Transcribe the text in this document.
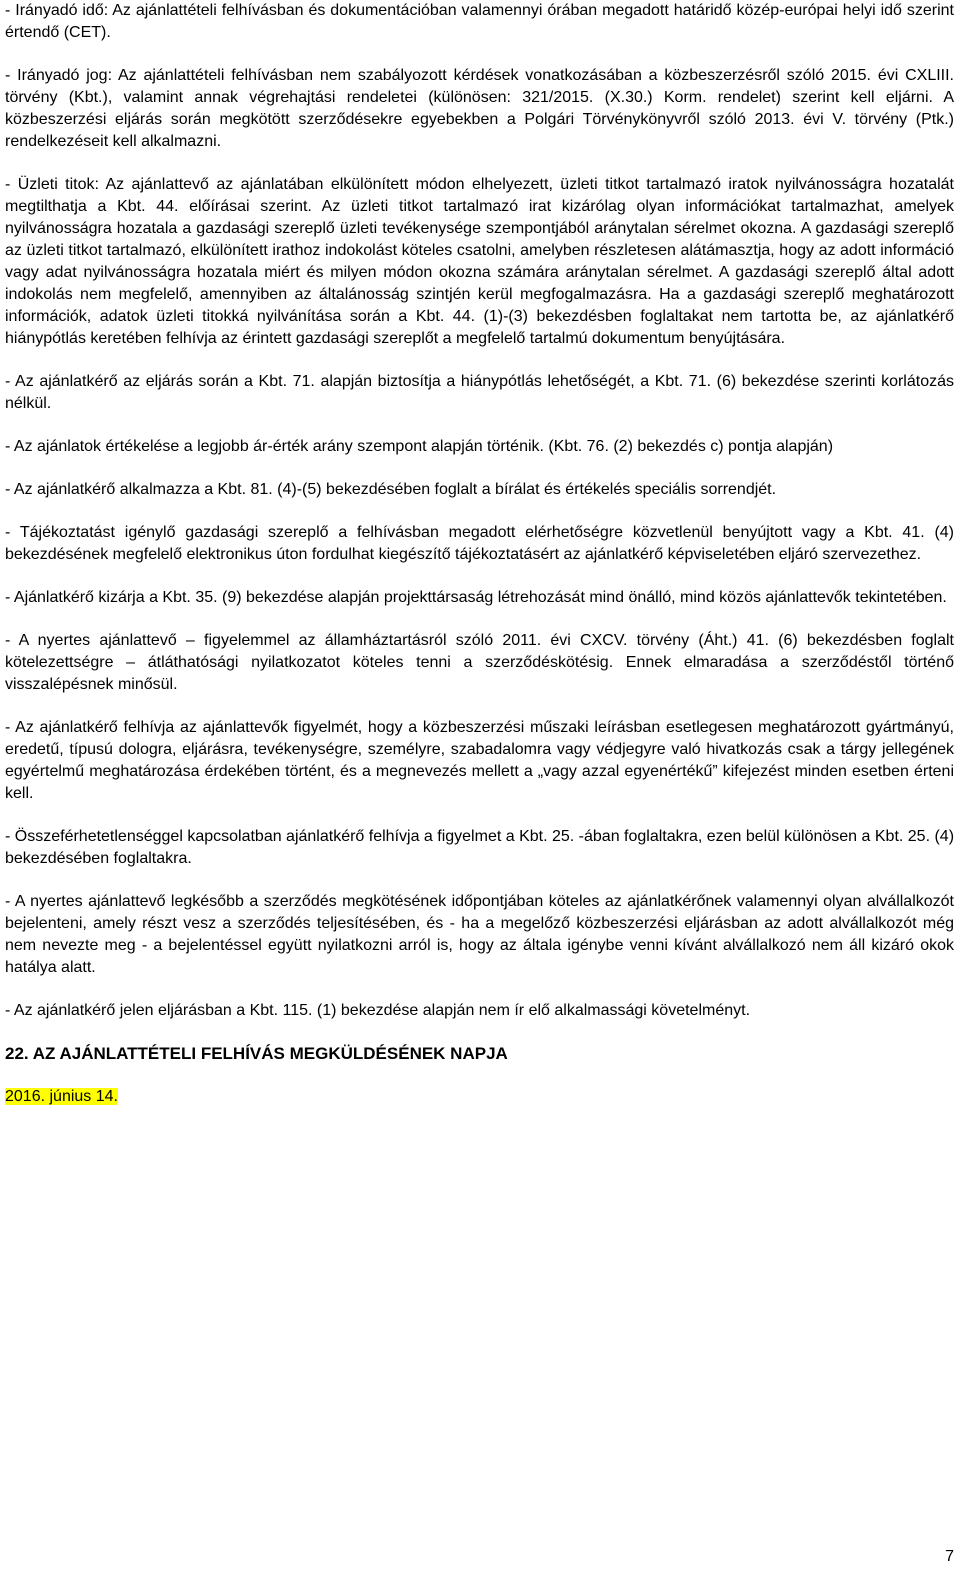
- Irányadó idő: Az ajánlattételi felhívásban és dokumentációban valamennyi órában megadott határidő közép-európai helyi idő szerint értendő (CET).

- Irányadó jog: Az ajánlattételi felhívásban nem szabályozott kérdések vonatkozásában a közbeszerzésről szóló 2015. évi CXLIII. törvény (Kbt.), valamint annak végrehajtási rendeletei (különösen: 321/2015. (X.30.) Korm. rendelet) szerint kell eljárni. A közbeszerzési eljárás során megkötött szerződésekre egyebekben a Polgári Törvénykönyvről szóló 2013. évi V. törvény (Ptk.) rendelkezéseit kell alkalmazni.

- Üzleti titok: Az ajánlattevő az ajánlatában elkülönített módon elhelyezett, üzleti titkot tartalmazó iratok nyilvánosságra hozatalát megtilthatja a Kbt. 44. előírásai szerint. Az üzleti titkot tartalmazó irat kizárólag olyan információkat tartalmazhat, amelyek nyilvánosságra hozatala a gazdasági szereplő üzleti tevékenysége szempontjából aránytalan sérelmet okozna. A gazdasági szereplő az üzleti titkot tartalmazó, elkülönített irathoz indokolást köteles csatolni, amelyben részletesen alátámasztja, hogy az adott információ vagy adat nyilvánosságra hozatala miért és milyen módon okozna számára aránytalan sérelmet. A gazdasági szereplő által adott indokolás nem megfelelő, amennyiben az általánosság szintjén kerül megfogalmazásra. Ha a gazdasági szereplő meghatározott információk, adatok üzleti titokká nyilvánítása során a Kbt. 44. (1)-(3) bekezdésben foglaltakat nem tartotta be, az ajánlatkérő hiánypótlás keretében felhívja az érintett gazdasági szereplőt a megfelelő tartalmú dokumentum benyújtására.

- Az ajánlatkérő az eljárás során a Kbt. 71. alapján biztosítja a hiánypótlás lehetőségét, a Kbt. 71. (6) bekezdése szerinti korlátozás nélkül.

- Az ajánlatok értékelése a legjobb ár-érték arány szempont alapján történik. (Kbt. 76. (2) bekezdés c) pontja alapján)

- Az ajánlatkérő alkalmazza a Kbt. 81. (4)-(5) bekezdésében foglalt a bírálat és értékelés speciális sorrendjét.

- Tájékoztatást igénylő gazdasági szereplő a felhívásban megadott elérhetőségre közvetlenül benyújtott vagy a Kbt. 41. (4) bekezdésének megfelelő elektronikus úton fordulhat kiegészítő tájékoztatásért az ajánlatkérő képviseletében eljáró szervezethez.

- Ajánlatkérő kizárja a Kbt. 35. (9) bekezdése alapján projekttársaság létrehozását mind önálló, mind közös ajánlattevők tekintetében.

- A nyertes ajánlattevő – figyelemmel az államháztartásról szóló 2011. évi CXCV. törvény (Áht.) 41. (6) bekezdésben foglalt kötelezettségre – átláthatósági nyilatkozatot köteles tenni a szerződéskötésig. Ennek elmaradása a szerződéstől történő visszalépésnek minősül.

- Az ajánlatkérő felhívja az ajánlattevők figyelmét, hogy a közbeszerzési műszaki leírásban esetlegesen meghatározott gyártmányú, eredetű, típusú dologra, eljárásra, tevékenységre, személyre, szabadalomra vagy védjegyre való hivatkozás csak a tárgy jellegének egyértelmű meghatározása érdekében történt, és a megnevezés mellett a „vagy azzal egyenértékű” kifejezést minden esetben érteni kell.

- Összeférhetetlenséggel kapcsolatban ajánlatkérő felhívja a figyelmet a Kbt. 25. -ában foglaltakra, ezen belül különösen a Kbt. 25. (4) bekezdésében foglaltakra.

- A nyertes ajánlattevő legkésőbb a szerződés megkötésének időpontjában köteles az ajánlatkérőnek valamennyi olyan alvállalkozót bejelenteni, amely részt vesz a szerződés teljesítésében, és - ha a megelőző közbeszerzési eljárásban az adott alvállalkozót még nem nevezte meg - a bejelentéssel együtt nyilatkozni arról is, hogy az általa igénybe venni kívánt alvállalkozó nem áll kizáró okok hatálya alatt.

- Az ajánlatkérő jelen eljárásban a Kbt. 115. (1) bekezdése alapján nem ír elő alkalmassági követelményt.

22. AZ AJÁNLATTÉTELI FELHÍVÁS MEGKÜLDÉSÉNEK NAPJA

2016. június 14.

7
